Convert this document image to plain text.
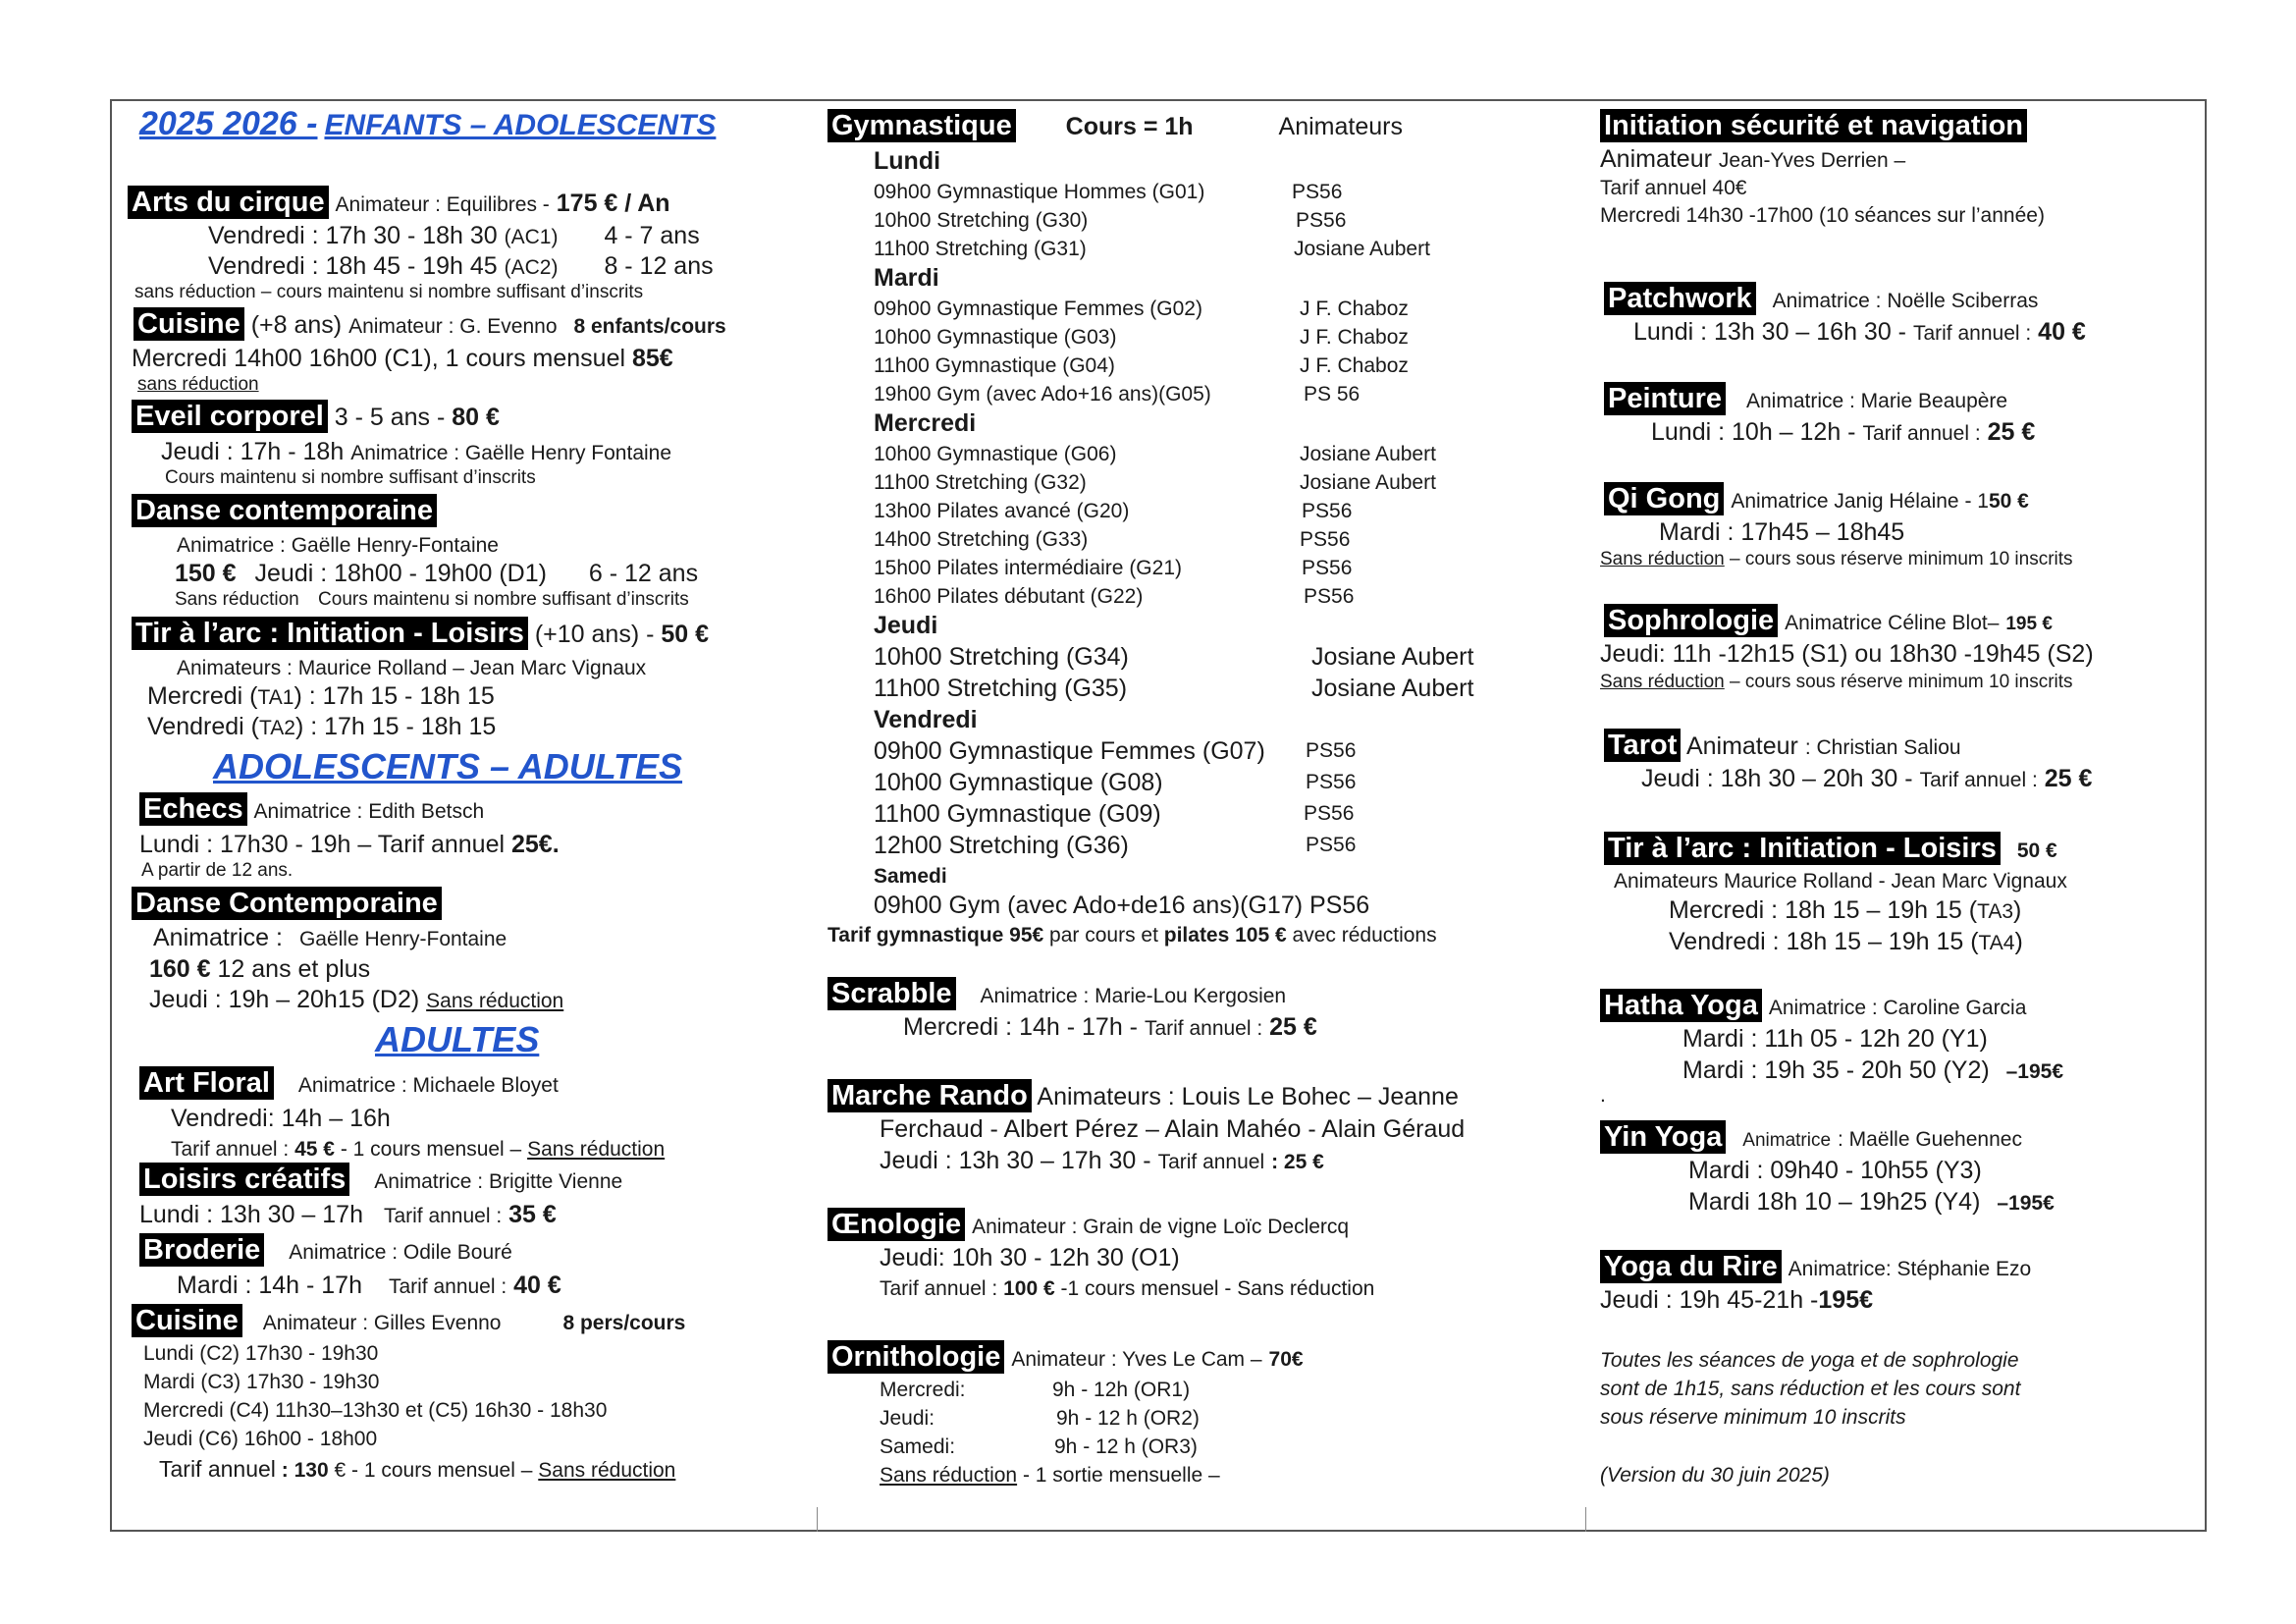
2025 2026 - ENFANTS – ADOLESCENTS
Arts du cirque Animateur : Equilibres - 175 € / An
Vendredi : 17h 30 - 18h 30 (AC1) 4 - 7 ans
Vendredi : 18h 45 - 19h 45 (AC2) 8 - 12 ans
sans réduction – cours maintenu si nombre suffisant d’inscrits
Cuisine (+8 ans) Animateur : G. Evenno 8 enfants/cours
Mercredi 14h00 16h00 (C1), 1 cours mensuel 85€
sans réduction
Eveil corporel 3 - 5 ans - 80 €
Jeudi : 17h - 18h Animatrice : Gaëlle Henry Fontaine
Cours maintenu si nombre suffisant d’inscrits
Danse contemporaine
Animatrice : Gaëlle Henry-Fontaine
150 € Jeudi : 18h00 - 19h00 (D1) 6 - 12 ans
Sans réduction Cours maintenu si nombre suffisant d’inscrits
Tir à l’arc : Initiation - Loisirs (+10 ans) - 50 €
Animateurs : Maurice Rolland – Jean Marc Vignaux
Mercredi (TA1) : 17h 15 - 18h 15
Vendredi (TA2) : 17h 15 - 18h 15
ADOLESCENTS – ADULTES
Echecs Animatrice : Edith Betsch
Lundi : 17h30 - 19h – Tarif annuel 25€.
A partir de 12 ans.
Danse Contemporaine
Animatrice : Gaëlle Henry-Fontaine
160 € 12 ans et plus
Jeudi : 19h – 20h15 (D2) Sans réduction
ADULTES
Art Floral Animatrice : Michaele Bloyet
Vendredi: 14h – 16h
Tarif annuel : 45 € - 1 cours mensuel – Sans réduction
Loisirs créatifs Animatrice : Brigitte Vienne
Lundi : 13h 30 – 17h Tarif annuel : 35 €
Broderie Animatrice : Odile Bouré
Mardi : 14h - 17h Tarif annuel : 40 €
Cuisine Animateur : Gilles Evenno	8 pers/cours
Lundi (C2) 17h30 - 19h30
Mardi (C3) 17h30 - 19h30
Mercredi (C4) 11h30–13h30 et (C5) 16h30 - 18h30
Jeudi (C6) 16h00 - 18h00
Tarif annuel : 130 € - 1 cours mensuel – Sans réduction
Gymnastique Cours = 1h	Animateurs
Lundi
09h00 Gymnastique Hommes (G01)	PS56
10h00 Stretching (G30)	PS56
11h00 Stretching (G31)	Josiane Aubert
Mardi
09h00 Gymnastique Femmes (G02)	J F. Chaboz
10h00 Gymnastique (G03)	J F. Chaboz
11h00 Gymnastique (G04)	J F. Chaboz
19h00 Gym (avec Ado+16 ans)(G05)	PS 56
Mercredi
10h00 Gymnastique (G06)	Josiane Aubert
11h00 Stretching (G32)	Josiane Aubert
13h00 Pilates avancé (G20)	PS56
14h00 Stretching (G33)	PS56
15h00 Pilates intermédiaire (G21)	PS56
16h00 Pilates débutant (G22)	PS56
Jeudi
10h00 Stretching (G34)	Josiane Aubert
11h00 Stretching (G35)	Josiane Aubert
Vendredi
09h00 Gymnastique Femmes (G07) PS56
10h00 Gymnastique (G08)	PS56
11h00 Gymnastique (G09)	PS56
12h00 Stretching (G36)	PS56
Samedi
09h00 Gym (avec Ado+de16 ans)(G17) PS56
Tarif gymnastique 95€ par cours et pilates 105 € avec réductions
Scrabble Animatrice : Marie-Lou Kergosien
Mercredi : 14h - 17h - Tarif annuel : 25 €
Marche Rando Animateurs : Louis Le Bohec – Jeanne
Ferchaud - Albert Pérez – Alain Mahéo - Alain Géraud
Jeudi : 13h 30 – 17h 30 - Tarif annuel : 25 €
Œnologie Animateur : Grain de vigne Loïc Declercq
Jeudi: 10h 30 - 12h 30 (O1)
Tarif annuel : 100 € -1 cours mensuel - Sans réduction
Ornithologie Animateur : Yves Le Cam – 70€
Mercredi:	9h - 12h (OR1)
Jeudi:	9h - 12 h (OR2)
Samedi:	9h - 12 h (OR3)
Sans réduction - 1 sortie mensuelle –
Initiation sécurité et navigation
Animateur Jean-Yves Derrien –
Tarif annuel 40€
Mercredi 14h30 -17h00 (10 séances sur l’année)
Patchwork Animatrice : Noëlle Sciberras
Lundi : 13h 30 – 16h 30 - Tarif annuel : 40 €
Peinture Animatrice : Marie Beaupère
Lundi : 10h – 12h - Tarif annuel : 25 €
Qi Gong Animatrice Janig Hélaine - 150 €
Mardi : 17h45 – 18h45
Sans réduction – cours sous réserve minimum 10 inscrits
Sophrologie Animatrice Céline Blot– 195 €
Jeudi: 11h -12h15 (S1) ou 18h30 -19h45 (S2)
Sans réduction – cours sous réserve minimum 10 inscrits
Tarot Animateur : Christian Saliou
Jeudi : 18h 30 – 20h 30 - Tarif annuel : 25 €
Tir à l’arc : Initiation - Loisirs 50 €
Animateurs Maurice Rolland - Jean Marc Vignaux
Mercredi : 18h 15 – 19h 15 (TA3)
Vendredi : 18h 15 – 19h 15 (TA4)
Hatha Yoga Animatrice : Caroline Garcia
Mardi : 11h 05 - 12h 20 (Y1)
Mardi : 19h 35 - 20h 50 (Y2) –195€
.
Yin Yoga Animatrice : Maëlle Guehennec
Mardi : 09h40 - 10h55 (Y3)
Mardi 18h 10 – 19h25 (Y4) –195€
Yoga du Rire Animatrice: Stéphanie Ezo
Jeudi : 19h 45-21h -195€
Toutes les séances de yoga et de sophrologie
sont de 1h15, sans réduction et les cours sont
sous réserve minimum 10 inscrits
(Version du 30 juin 2025)
